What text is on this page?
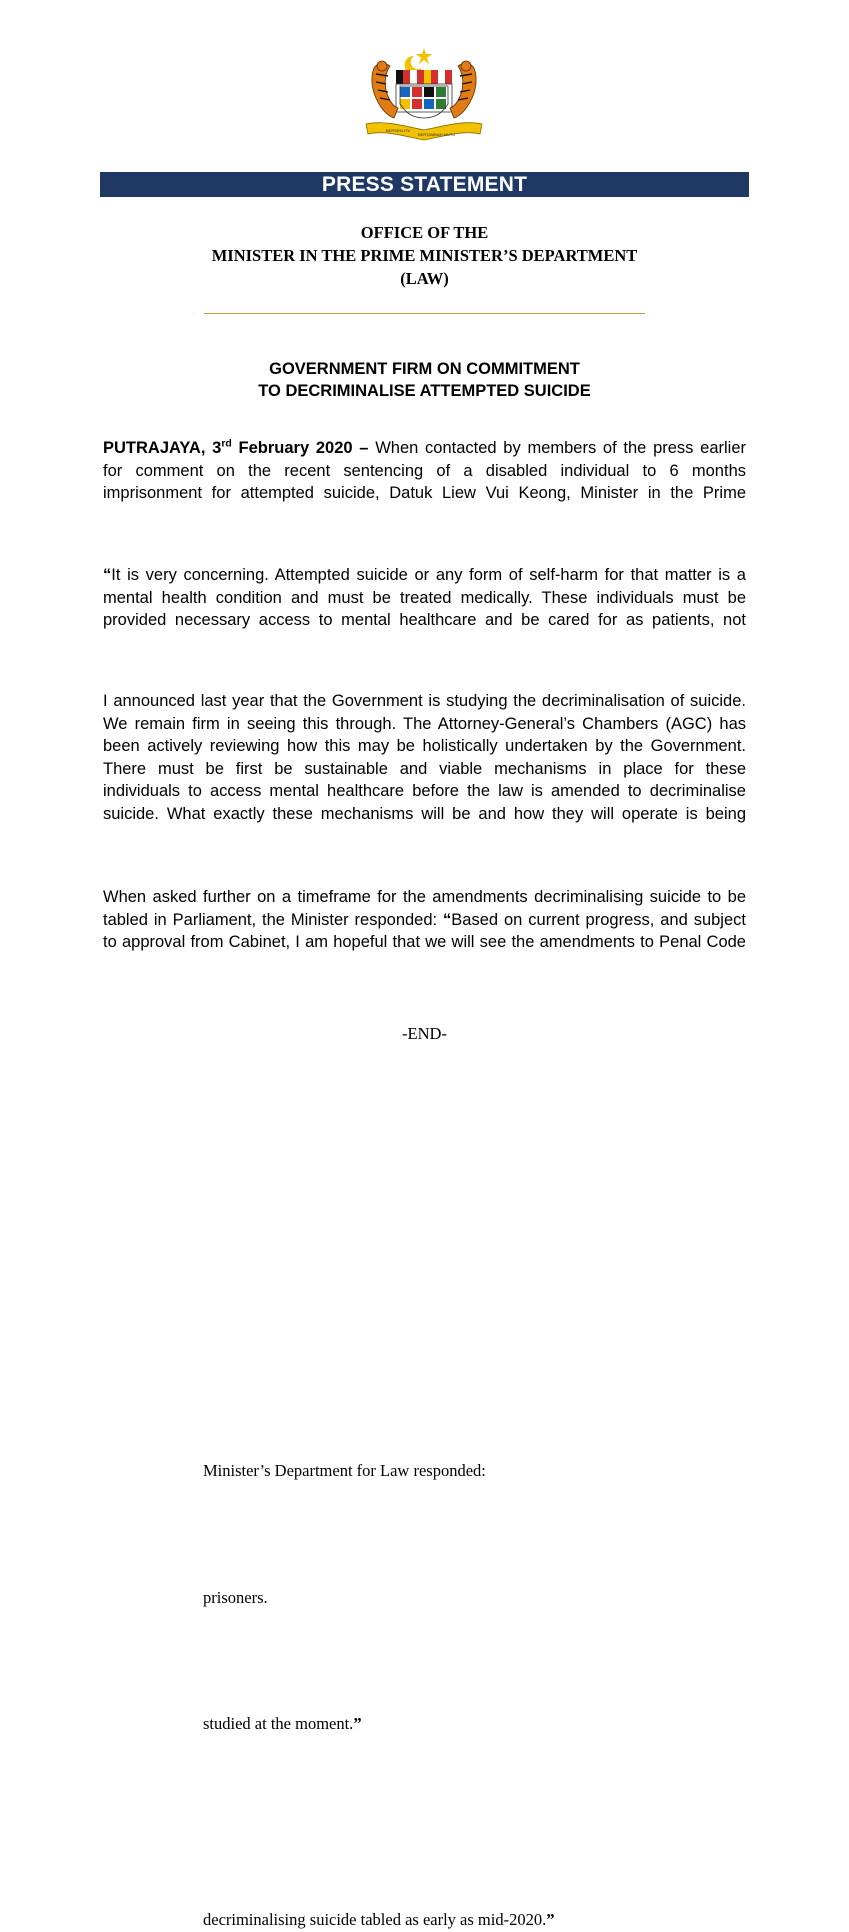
BERSEKUTU
BERTAMBAH MUTU
PRESS STATEMENT
OFFICE OF THE
MINISTER IN THE PRIME MINISTER’S DEPARTMENT
(LAW)
GOVERNMENT FIRM ON COMMITMENT
TO DECRIMINALISE ATTEMPTED SUICIDE
PUTRAJAYA, 3rd February 2020 – When contacted by members of the press earlier
for comment on the recent sentencing of a disabled individual to 6 months
imprisonment for attempted suicide, Datuk Liew Vui Keong, Minister in the Prime
Minister’s Department for Law responded:
“It is very concerning. Attempted suicide or any form of self-harm for that matter is a
mental health condition and must be treated medically. These individuals must be
provided necessary access to mental healthcare and be cared for as patients, not
prisoners.
I announced last year that the Government is studying the decriminalisation of suicide.
We remain firm in seeing this through. The Attorney-General’s Chambers (AGC) has
been actively reviewing how this may be holistically undertaken by the Government.
There must be first be sustainable and viable mechanisms in place for these
individuals to access mental healthcare before the law is amended to decriminalise
suicide. What exactly these mechanisms will be and how they will operate is being
studied at the moment.”
When asked further on a timeframe for the amendments decriminalising suicide to be
tabled in Parliament, the Minister responded: “Based on current progress, and subject
to approval from Cabinet, I am hopeful that we will see the amendments to Penal Code
decriminalising suicide tabled as early as mid-2020.”
-END-
